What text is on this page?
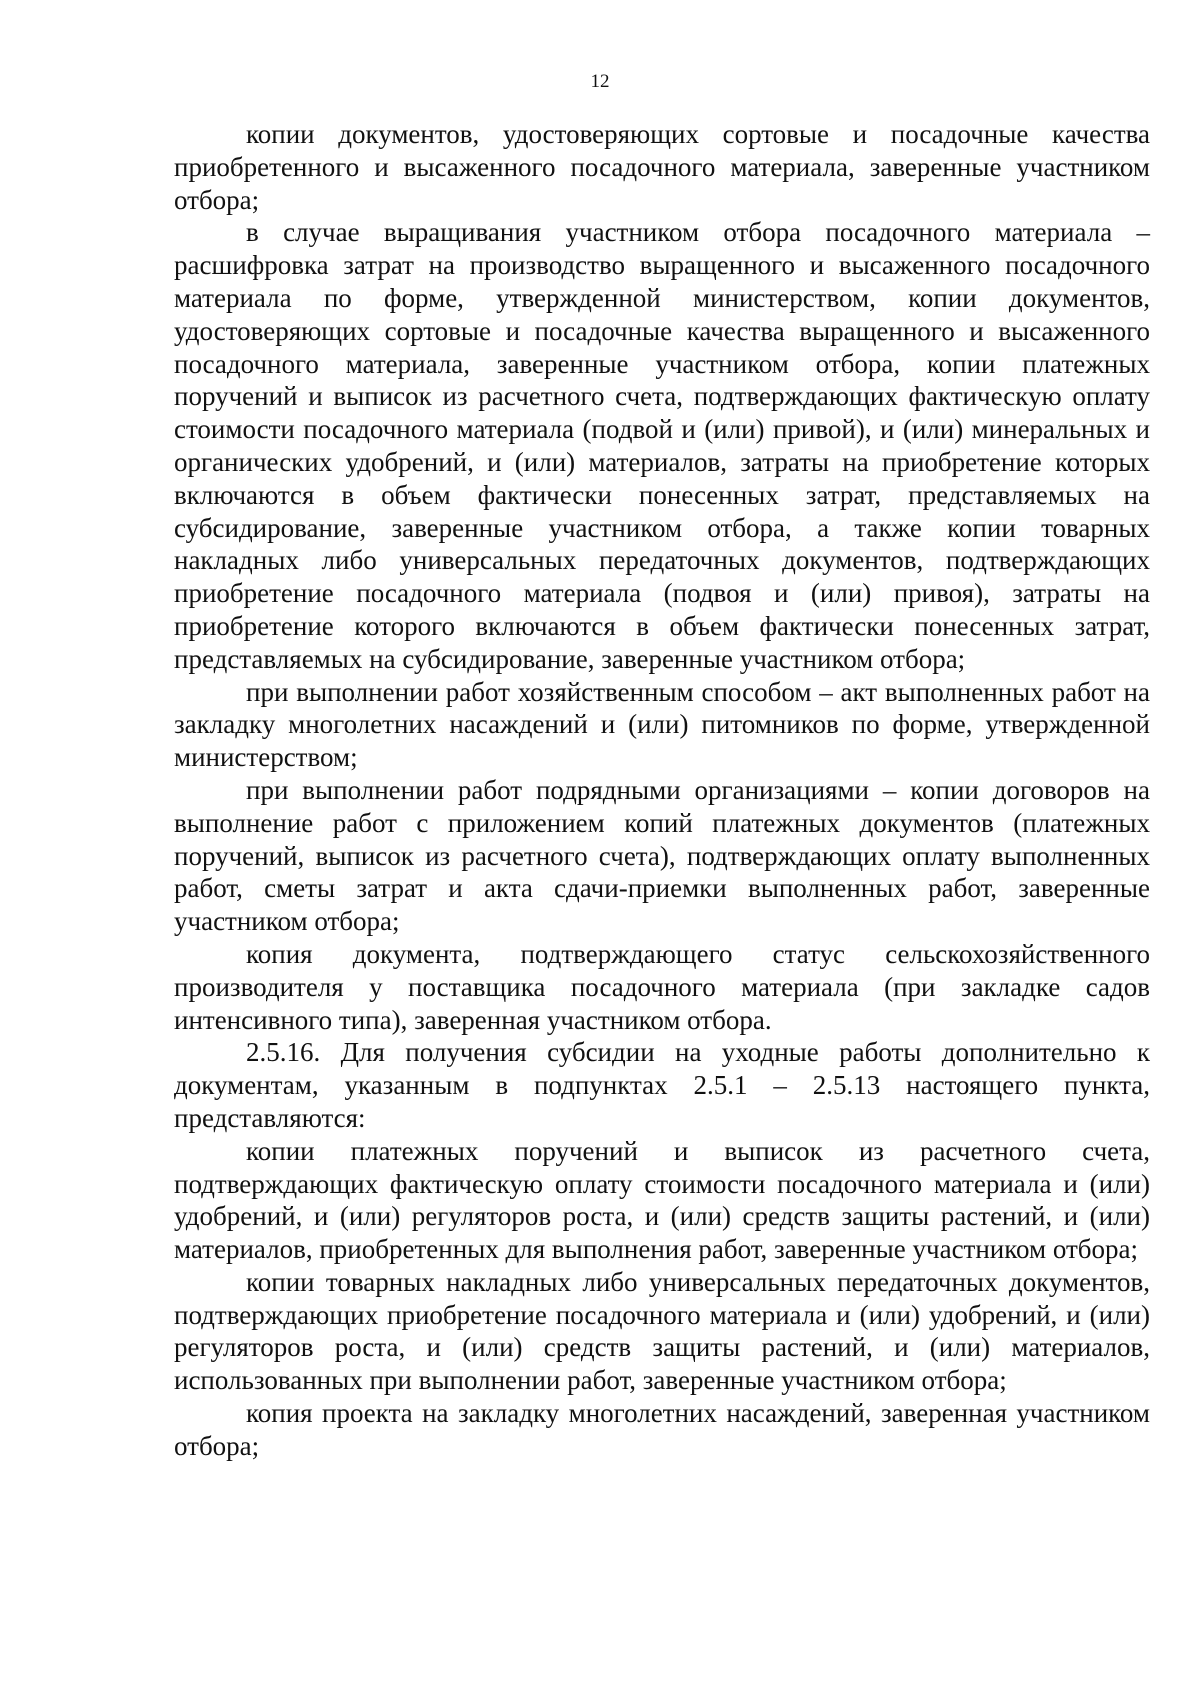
12

копии документов, удостоверяющих сортовые и посадочные качества приобретенного и высаженного посадочного материала, заверенные участником отбора;

в случае выращивания участником отбора посадочного материала – расшифровка затрат на производство выращенного и высаженного посадочного материала по форме, утвержденной министерством, копии документов, удостоверяющих сортовые и посадочные качества выращенного и высаженного посадочного материала, заверенные участником отбора, копии платежных поручений и выписок из расчетного счета, подтверждающих фактическую оплату стоимости посадочного материала (подвой и (или) привой), и (или) минеральных и органических удобрений, и (или) материалов, затраты на приобретение которых включаются в объем фактически понесенных затрат, представляемых на субсидирование, заверенные участником отбора, а также копии товарных накладных либо универсальных передаточных документов, подтверждающих приобретение посадочного материала (подвоя и (или) привоя), затраты на приобретение которого включаются в объем фактически понесенных затрат, представляемых на субсидирование, заверенные участником отбора;

при выполнении работ хозяйственным способом – акт выполненных работ на закладку многолетних насаждений и (или) питомников по форме, утвержденной министерством;

при выполнении работ подрядными организациями – копии договоров на выполнение работ с приложением копий платежных документов (платежных поручений, выписок из расчетного счета), подтверждающих оплату выполненных работ, сметы затрат и акта сдачи-приемки выполненных работ, заверенные участником отбора;

копия документа, подтверждающего статус сельскохозяйственного производителя у поставщика посадочного материала (при закладке садов интенсивного типа), заверенная участником отбора.

2.5.16. Для получения субсидии на уходные работы дополнительно к документам, указанным в подпунктах 2.5.1 – 2.5.13 настоящего пункта, представляются:

копии платежных поручений и выписок из расчетного счета, подтверждающих фактическую оплату стоимости посадочного материала и (или) удобрений, и (или) регуляторов роста, и (или) средств защиты растений, и (или) материалов, приобретенных для выполнения работ, заверенные участником отбора;

копии товарных накладных либо универсальных передаточных документов, подтверждающих приобретение посадочного материала и (или) удобрений, и (или) регуляторов роста, и (или) средств защиты растений, и (или) материалов, использованных при выполнении работ, заверенные участником отбора;

копия проекта на закладку многолетних насаждений, заверенная участником отбора;
